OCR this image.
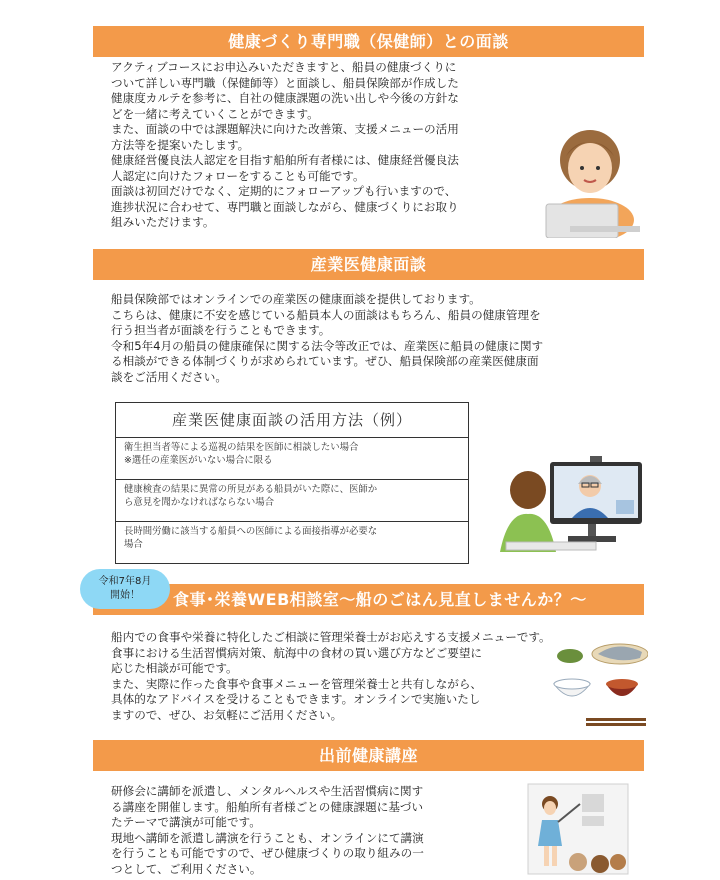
健康づくり専門職（保健師）との面談
アクティブコースにお申込みいただきますと、船員の健康づくりに
ついて詳しい専門職（保健師等）と面談し、船員保険部が作成した
健康度カルテを参考に、自社の健康課題の洗い出しや今後の方針な
どを一緒に考えていくことができます。
また、面談の中では課題解決に向けた改善策、支援メニューの活用
方法等を提案いたします。
健康経営優良法人認定を目指す船舶所有者様には、健康経営優良法
人認定に向けたフォローをすることも可能です。
面談は初回だけでなく、定期的にフォローアップも行いますので、
進捗状況に合わせて、専門職と面談しながら、健康づくりにお取り
組みいただけます。
産業医健康面談
船員保険部ではオンラインでの産業医の健康面談を提供しております。
こちらは、健康に不安を感じている船員本人の面談はもちろん、船員の健康管理を
行う担当者が面談を行うこともできます。
令和5年4月の船員の健康確保に関する法令等改正では、産業医に船員の健康に関す
る相談ができる体制づくりが求められています。ぜひ、船員保険部の産業医健康面
談をご活用ください。
産業医健康面談の活用方法（例）
衛生担当者等による巡視の結果を医師に相談したい場合
※選任の産業医がいない場合に限る
健康検査の結果に異常の所見がある船員がいた際に、医師か
ら意見を聞かなければならない場合
長時間労働に該当する船員への医師による面接指導が必要な
場合
食事･栄養WEB相談室～船のごはん見直しませんか？～
令和7年8月
開始！
船内での食事や栄養に特化したご相談に管理栄養士がお応えする支援メニューです。
食事における生活習慣病対策、航海中の食材の買い選び方などご要望に
応じた相談が可能です。
また、実際に作った食事や食事メニューを管理栄養士と共有しながら、
具体的なアドバイスを受けることもできます。オンラインで実施いたし
ますので、ぜひ、お気軽にご活用ください。
出前健康講座
研修会に講師を派遣し、メンタルヘルスや生活習慣病に関す
る講座を開催します。船舶所有者様ごとの健康課題に基づい
たテーマで講演が可能です。
現地へ講師を派遣し講演を行うことも、オンラインにて講演
を行うことも可能ですので、ぜひ健康づくりの取り組みの一
つとして、ご利用ください。
